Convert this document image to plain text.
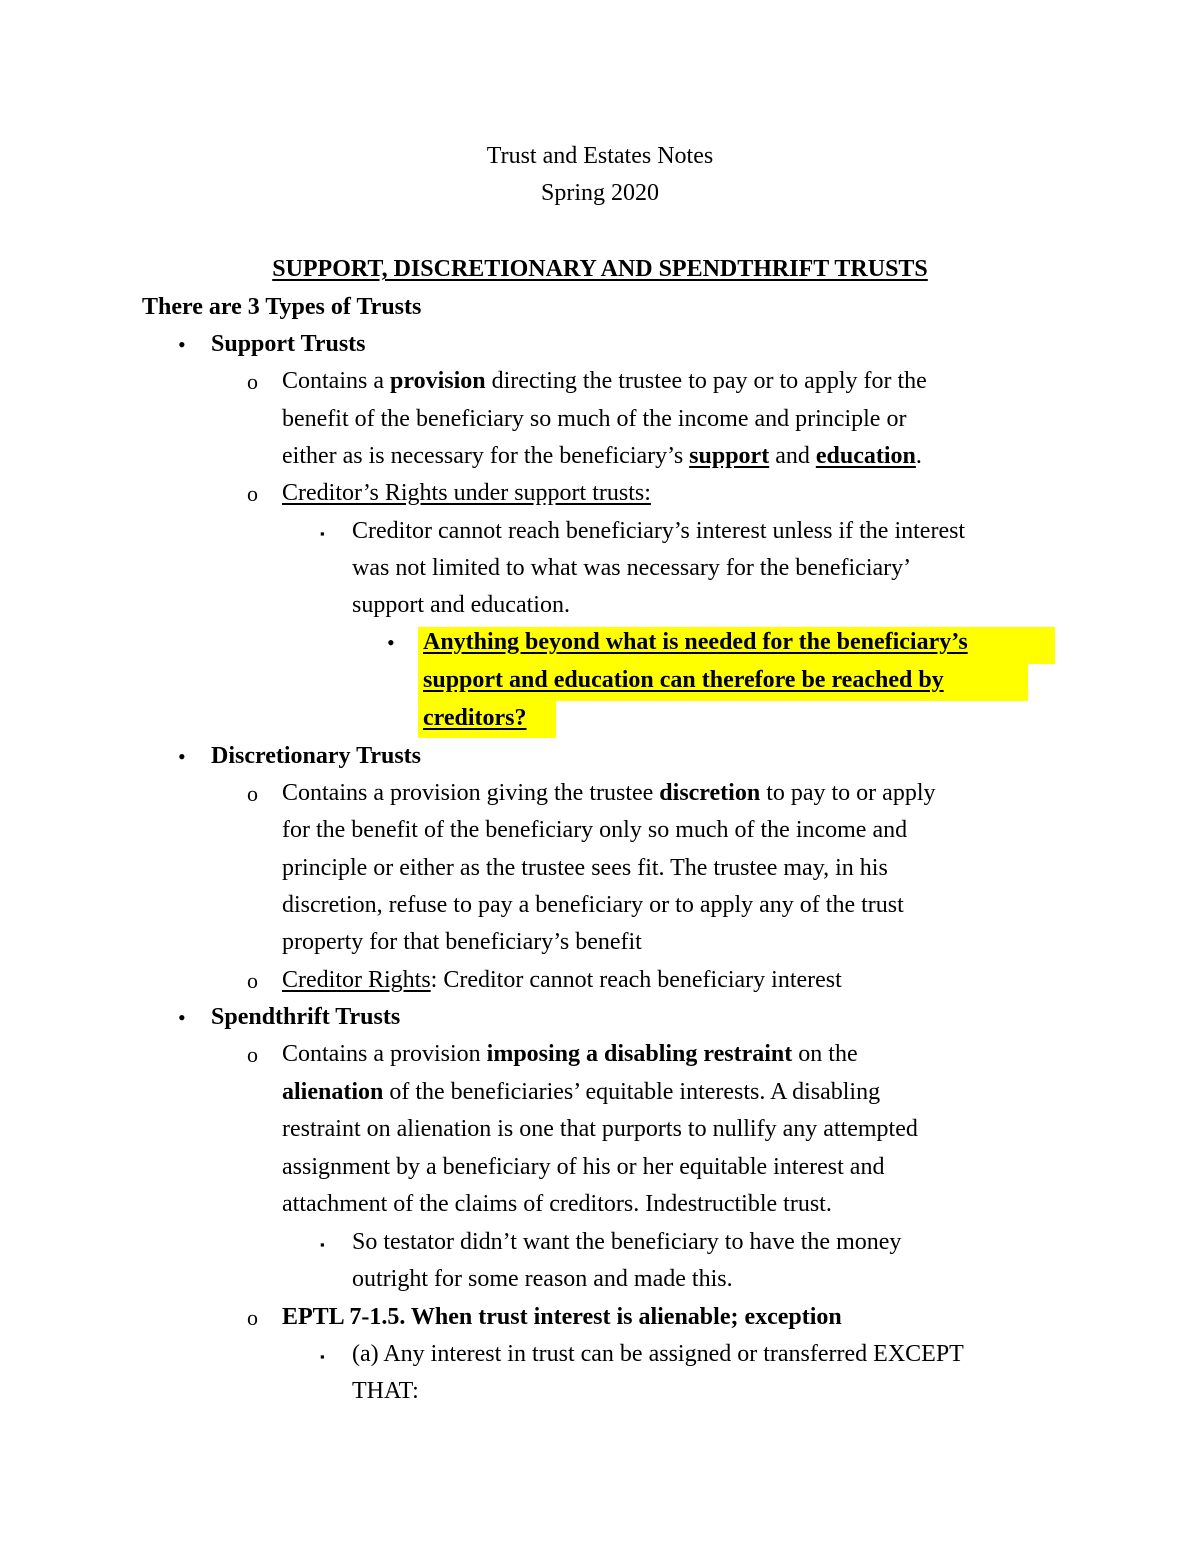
Trust and Estates Notes
Spring 2020
SUPPORT, DISCRETIONARY AND SPENDTHRIFT TRUSTS
There are 3 Types of Trusts
• Support Trusts
o Contains a provision directing the trustee to pay or to apply for the
benefit of the beneficiary so much of the income and principle or
either as is necessary for the beneficiary’s support and education.
o Creditor’s Rights under support trusts:
▪ Creditor cannot reach beneficiary’s interest unless if the interest
was not limited to what was necessary for the beneficiary’
support and education.
• Anything beyond what is needed for the beneficiary’s
support and education can therefore be reached by
creditors?
• Discretionary Trusts
o Contains a provision giving the trustee discretion to pay to or apply
for the benefit of the beneficiary only so much of the income and
principle or either as the trustee sees fit. The trustee may, in his
discretion, refuse to pay a beneficiary or to apply any of the trust
property for that beneficiary’s benefit
o Creditor Rights: Creditor cannot reach beneficiary interest
• Spendthrift Trusts
o Contains a provision imposing a disabling restraint on the
alienation of the beneficiaries’ equitable interests. A disabling
restraint on alienation is one that purports to nullify any attempted
assignment by a beneficiary of his or her equitable interest and
attachment of the claims of creditors. Indestructible trust.
▪ So testator didn’t want the beneficiary to have the money
outright for some reason and made this.
o EPTL 7-1.5. When trust interest is alienable; exception
▪ (a) Any interest in trust can be assigned or transferred EXCEPT
THAT:
